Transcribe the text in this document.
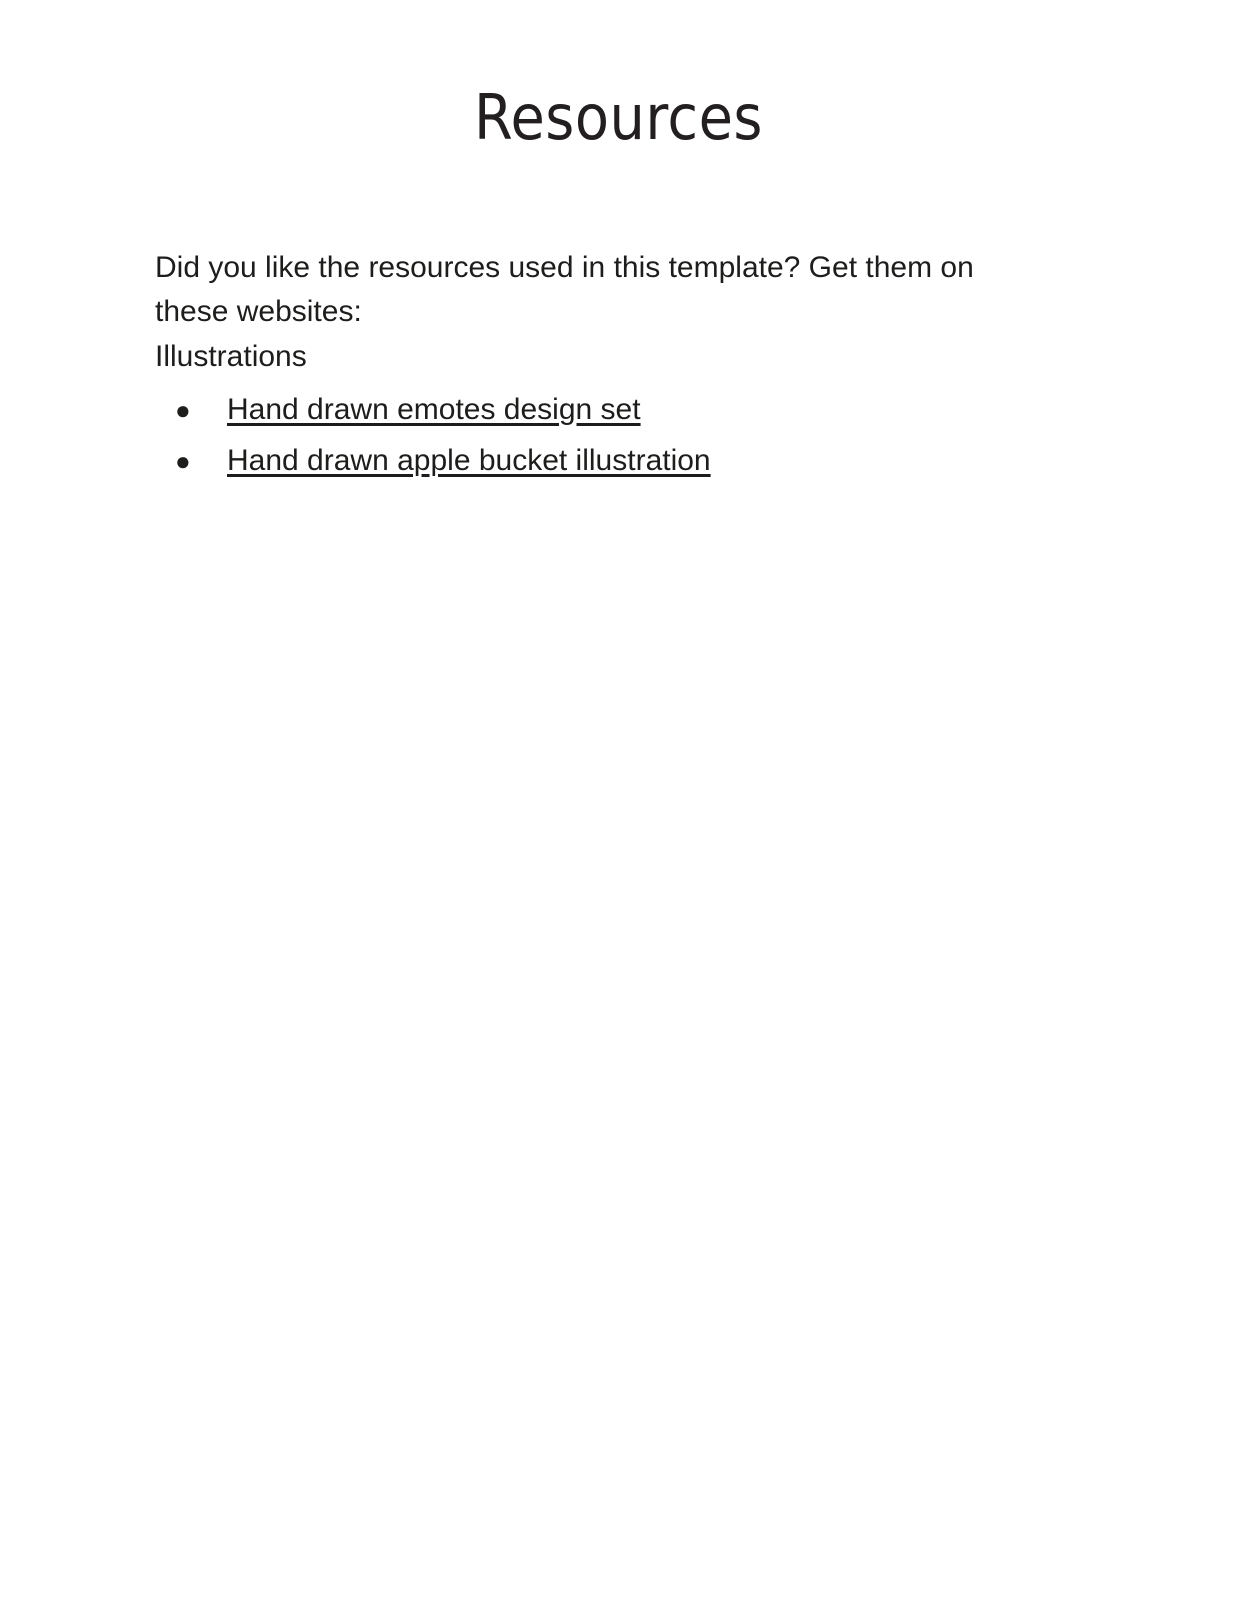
Resources

Did you like the resources used in this template? Get them on these websites:

Illustrations

●	Hand drawn emotes design set
●	Hand drawn apple bucket illustration
